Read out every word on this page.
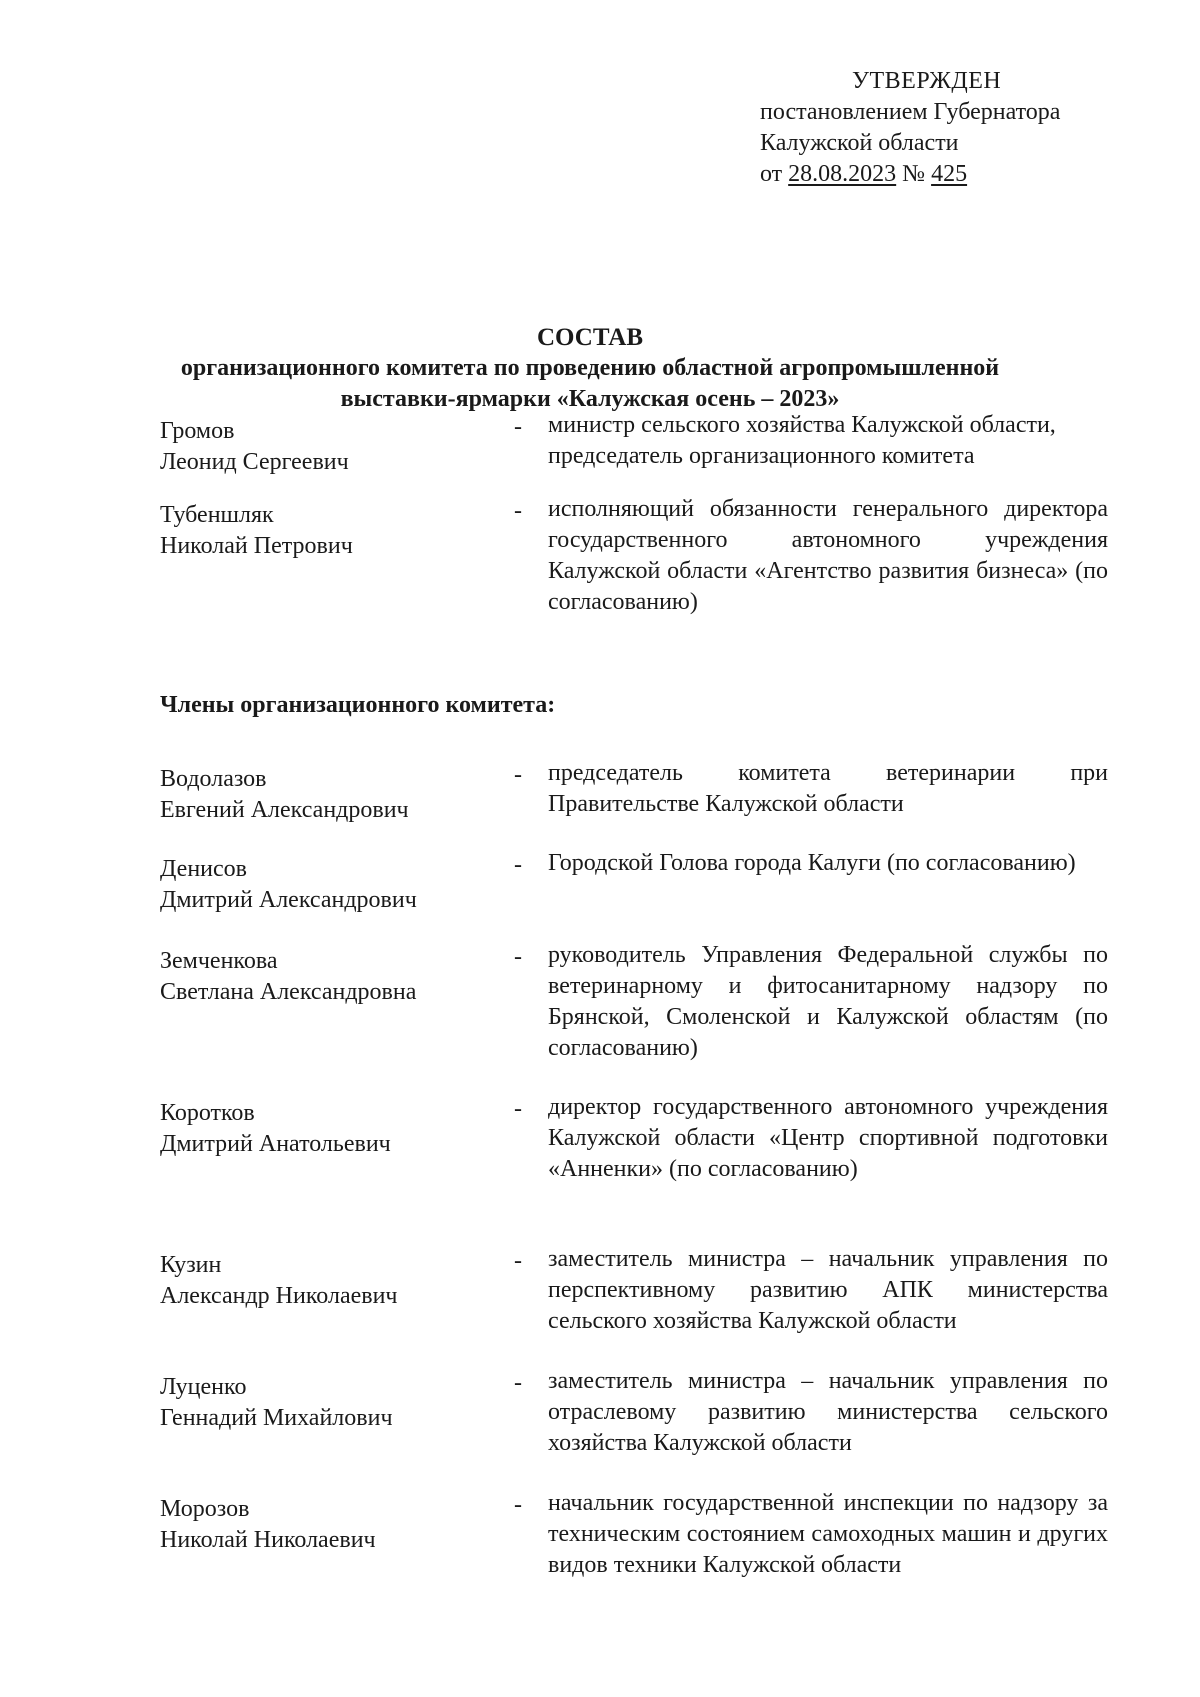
УТВЕРЖДЕН
постановлением Губернатора
Калужской области
от 28.08.2023 № 425
СОСТАВ
организационного комитета по проведению областной агропромышленной
выставки-ярмарки «Калужская осень – 2023»
Громов
Леонид Сергеевич
- министр сельского хозяйства Калужской области, председатель организационного комитета
Тубеншляк
Николай Петрович
- исполняющий обязанности генерального директора государственного автономного учреждения Калужской области «Агентство развития бизнеса» (по согласованию)
Члены организационного комитета:
Водолазов
Евгений Александрович
- председатель комитета ветеринарии при Правительстве Калужской области
Денисов
Дмитрий Александрович
- Городской Голова города Калуги (по согласованию)
Земченкова
Светлана Александровна
- руководитель Управления Федеральной службы по ветеринарному и фитосанитарному надзору по Брянской, Смоленской и Калужской областям (по согласованию)
Коротков
Дмитрий Анатольевич
- директор государственного автономного учреждения Калужской области «Центр спортивной подготовки «Анненки» (по согласованию)
Кузин
Александр Николаевич
- заместитель министра – начальник управления по перспективному развитию АПК министерства сельского хозяйства Калужской области
Луценко
Геннадий Михайлович
- заместитель министра – начальник управления по отраслевому развитию министерства сельского хозяйства Калужской области
Морозов
Николай Николаевич
- начальник государственной инспекции по надзору за техническим состоянием самоходных машин и других видов техники Калужской области
